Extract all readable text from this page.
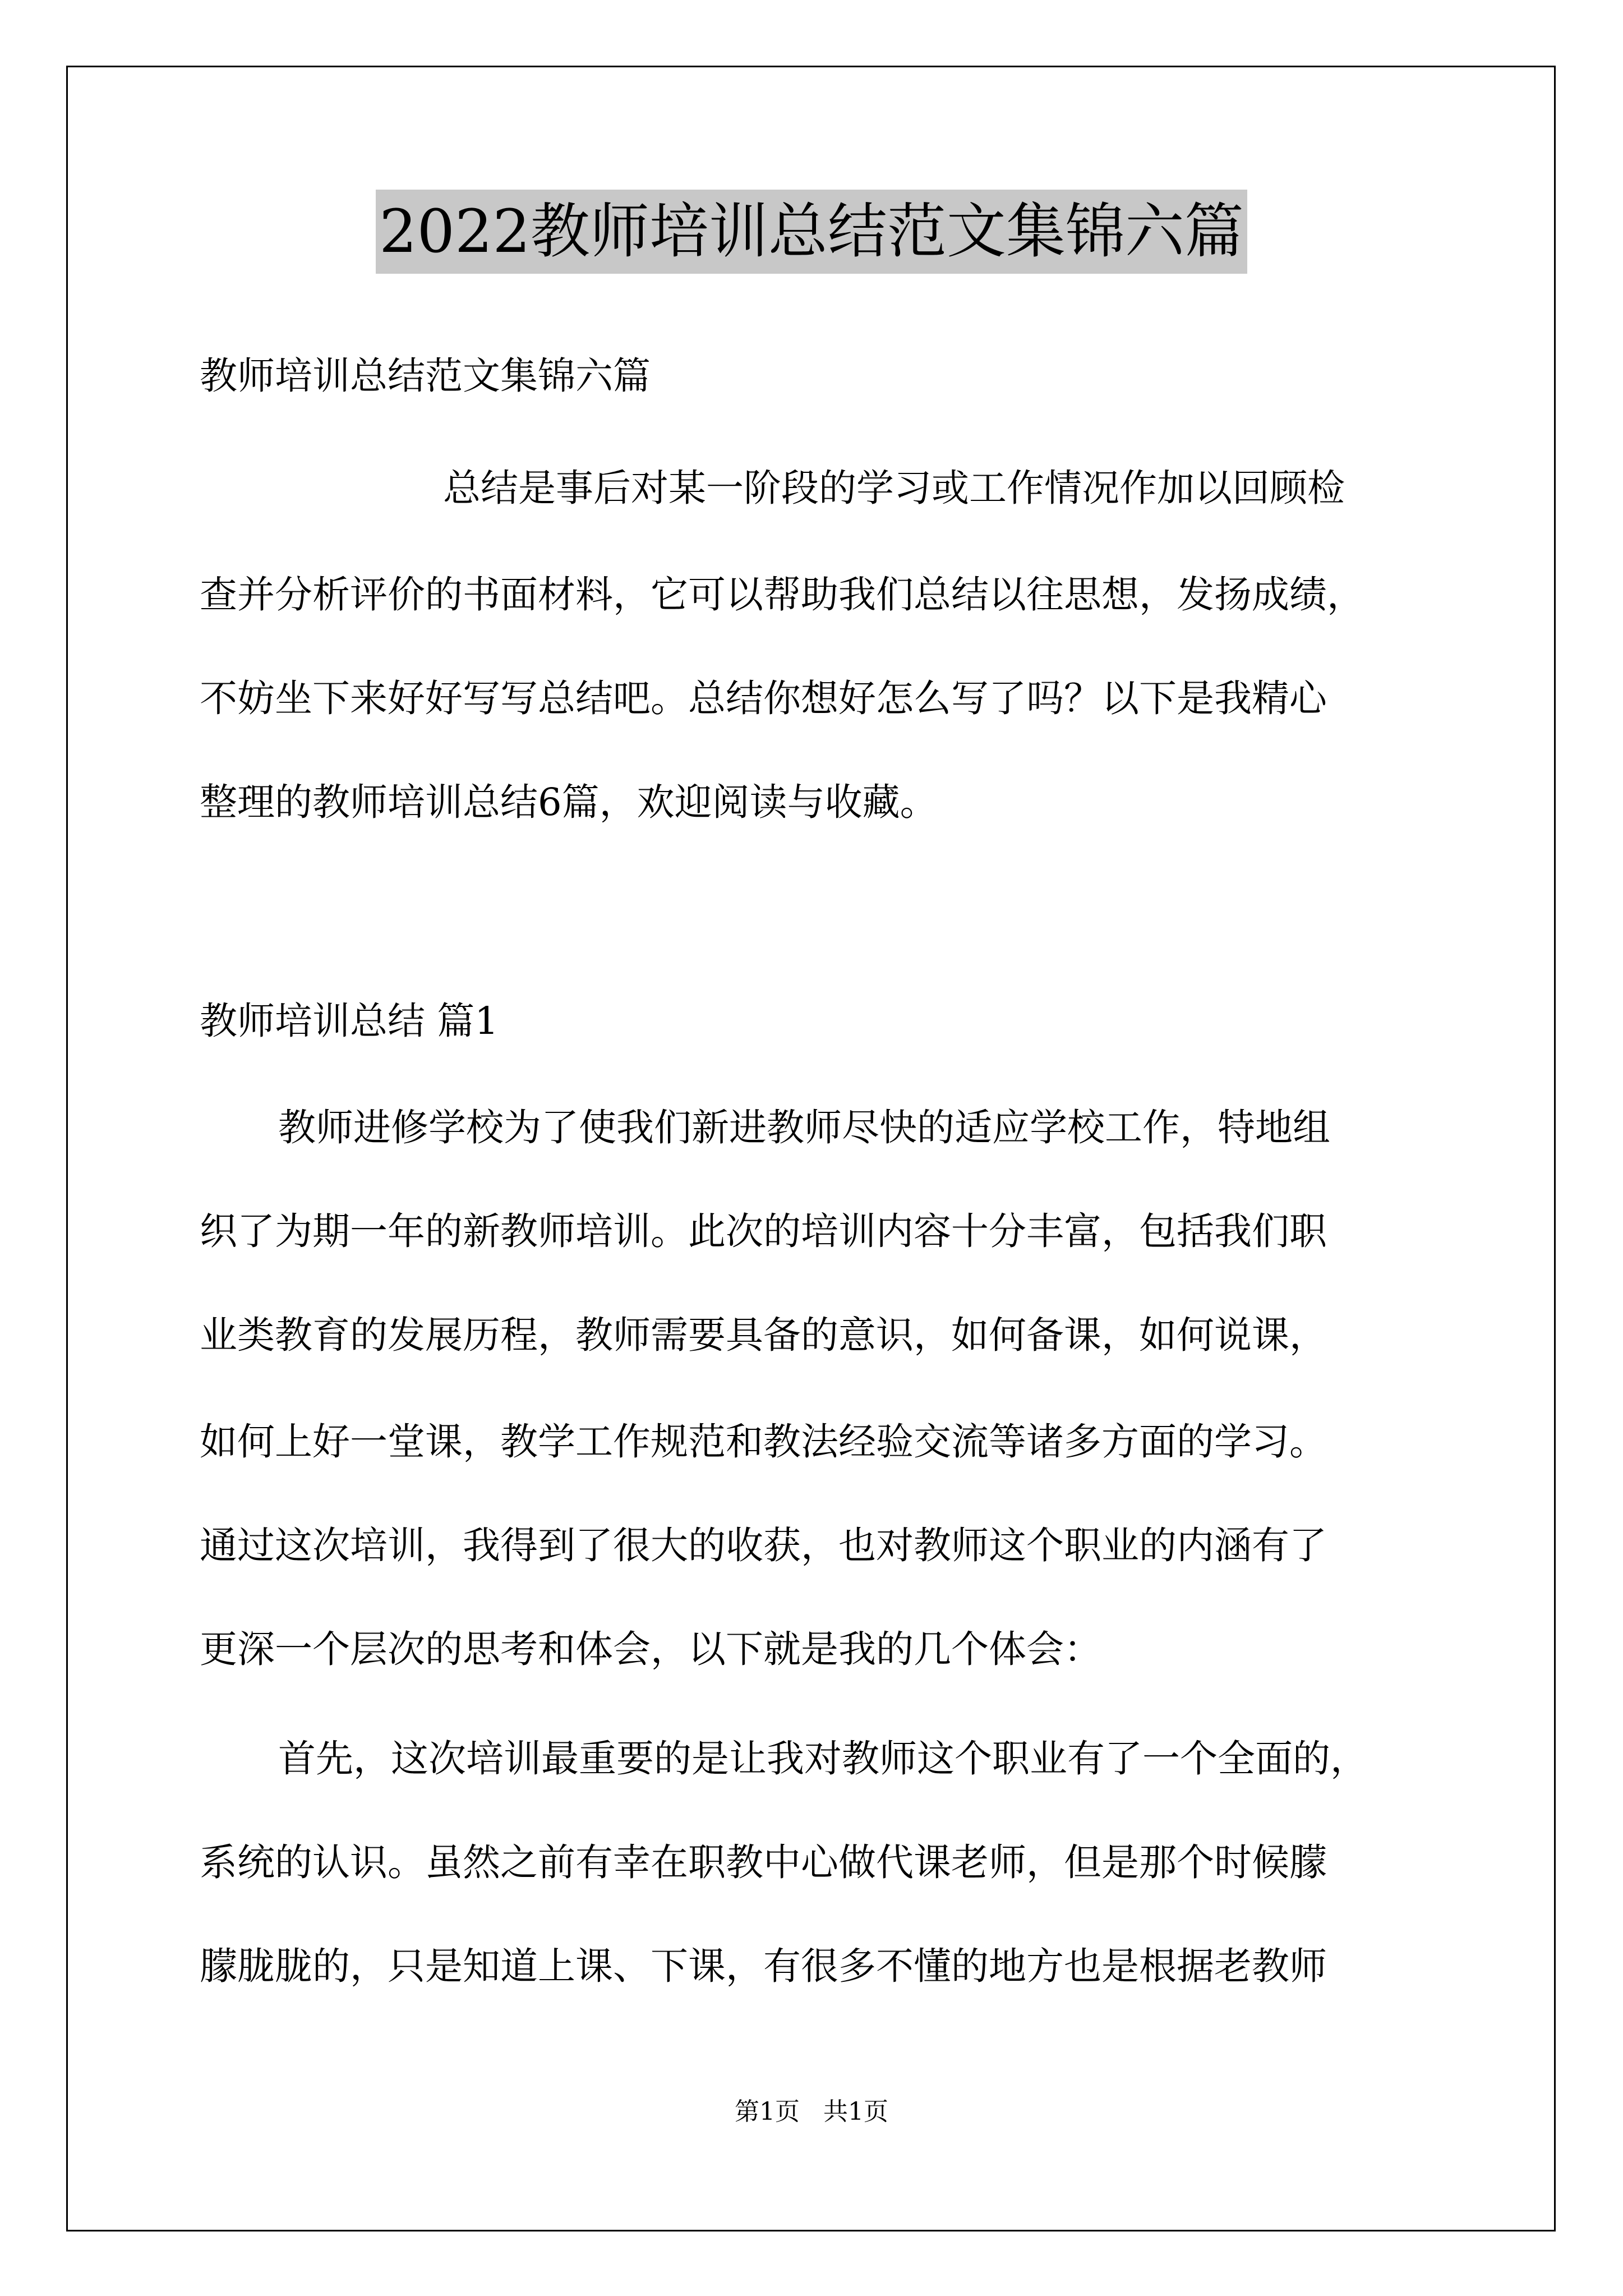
2022教师培训总结范文集锦六篇
教师培训总结范文集锦六篇
总结是事后对某一阶段的学习或工作情况作加以回顾检
查并分析评价的书面材料，它可以帮助我们总结以往思想，发扬成绩，
不妨坐下来好好写写总结吧。总结你想好怎么写了吗？以下是我精心
整理的教师培训总结6篇，欢迎阅读与收藏。
教师培训总结 篇1
教师进修学校为了使我们新进教师尽快的适应学校工作，特地组
织了为期一年的新教师培训。此次的培训内容十分丰富，包括我们职
业类教育的发展历程，教师需要具备的意识，如何备课，如何说课，
如何上好一堂课，教学工作规范和教法经验交流等诸多方面的学习。
通过这次培训，我得到了很大的收获，也对教师这个职业的内涵有了
更深一个层次的思考和体会，以下就是我的几个体会：
首先，这次培训最重要的是让我对教师这个职业有了一个全面的，
系统的认识。虽然之前有幸在职教中心做代课老师，但是那个时候朦
朦胧胧的，只是知道上课、下课，有很多不懂的地方也是根据老教师
第1页   共1页
